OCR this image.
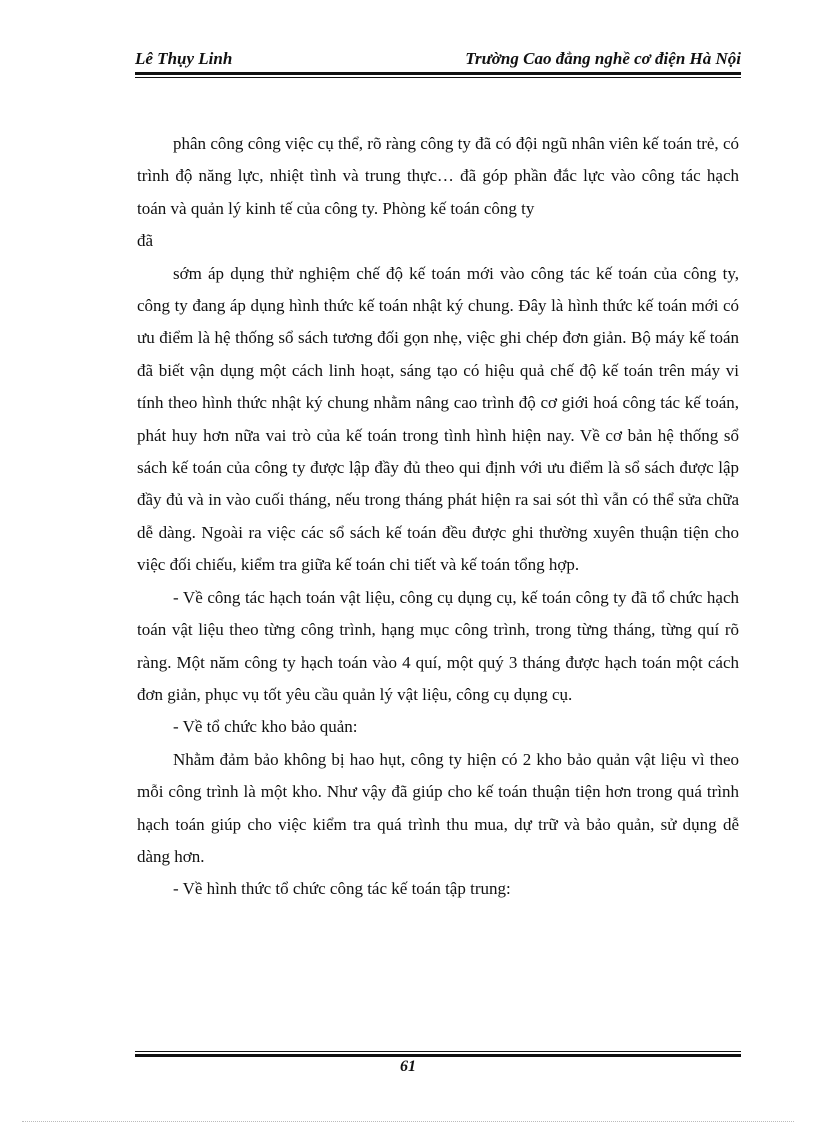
Lê Thụy Linh	Trường Cao đẳng nghề cơ điện Hà Nội

phân công công việc cụ thể, rõ ràng công ty đã có đội ngũ nhân viên kế toán trẻ, có trình độ năng lực, nhiệt tình và trung thực… đã góp phần đắc lực vào công tác hạch toán và quản lý kinh tế của công ty. Phòng kế toán công ty

đã

sớm áp dụng thử nghiệm chế độ kế toán mới vào công tác kế toán của công ty, công ty đang áp dụng hình thức kế toán nhật ký chung. Đây là hình thức kế toán mới có ưu điểm là hệ thống sổ sách tương đối gọn nhẹ, việc ghi chép đơn giản. Bộ máy kế toán đã biết vận dụng một cách linh hoạt, sáng tạo có hiệu quả chế độ kế toán trên máy vi tính theo hình thức nhật ký chung nhằm nâng cao trình độ cơ giới hoá công tác kế toán, phát huy hơn nữa vai trò của kế toán trong tình hình hiện nay. Về cơ bản hệ thống sổ sách kế toán của công ty được lập đầy đủ theo qui định với ưu điểm là sổ sách được lập đầy đủ và in vào cuối tháng, nếu trong tháng phát hiện ra sai sót thì vẫn có thể sửa chữa dễ dàng. Ngoài ra việc các sổ sách kế toán đều được ghi thường xuyên thuận tiện cho việc đối chiếu, kiểm tra giữa kế toán chi tiết và kế toán tổng hợp.

- Về công tác hạch toán vật liệu, công cụ dụng cụ, kế toán công ty đã tổ chức hạch toán vật liệu theo từng công trình, hạng mục công trình, trong từng tháng, từng quí rõ ràng. Một năm công ty hạch toán vào 4 quí, một quý 3 tháng được hạch toán một cách đơn giản, phục vụ tốt yêu cầu quản lý vật liệu, công cụ dụng cụ.

- Về tổ chức kho bảo quản:

Nhằm đảm bảo không bị hao hụt, công ty hiện có 2 kho bảo quản vật liệu vì theo mỗi công trình là một kho. Như vậy đã giúp cho kế toán thuận tiện hơn trong quá trình hạch toán giúp cho việc kiểm tra quá trình thu mua, dự trữ và bảo quản, sử dụng dễ dàng hơn.

- Về hình thức tổ chức công tác kế toán tập trung:

61
